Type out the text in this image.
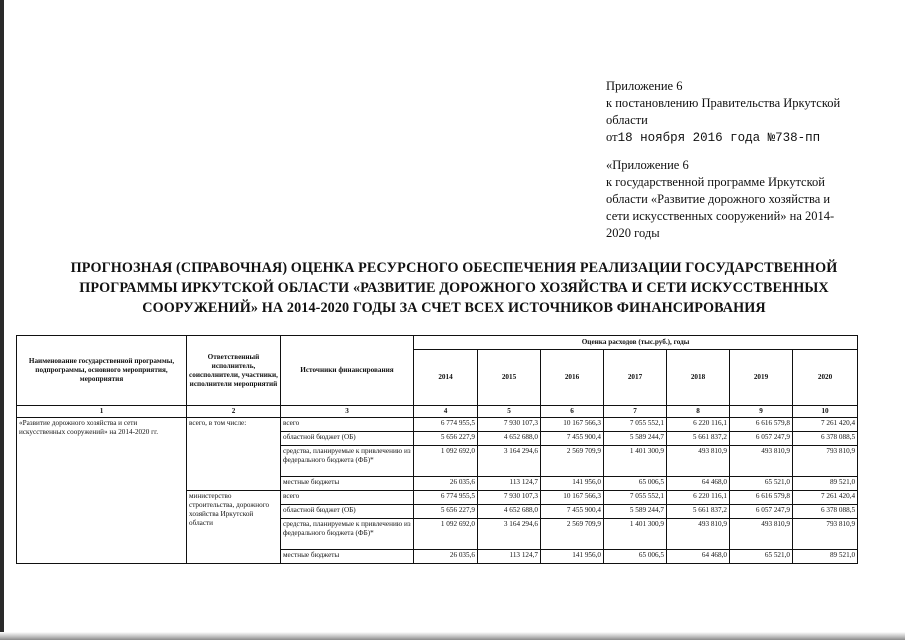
Приложение 6
к постановлению Правительства Иркутской области
от18 ноября 2016 года №738-пп
«Приложение 6
к государственной программе Иркутской области «Развитие дорожного хозяйства и сети искусственных сооружений» на 2014-2020 годы
ПРОГНОЗНАЯ (СПРАВОЧНАЯ) ОЦЕНКА РЕСУРСНОГО ОБЕСПЕЧЕНИЯ РЕАЛИЗАЦИИ ГОСУДАРСТВЕННОЙ ПРОГРАММЫ ИРКУТСКОЙ ОБЛАСТИ «РАЗВИТИЕ ДОРОЖНОГО ХОЗЯЙСТВА И СЕТИ ИСКУССТВЕННЫХ СООРУЖЕНИЙ» НА 2014-2020 ГОДЫ ЗА СЧЕТ ВСЕХ ИСТОЧНИКОВ ФИНАНСИРОВАНИЯ
Наименование государственной программы, подпрограммы, основного мероприятия, мероприятия	Ответственный исполнитель, соисполнители, участники, исполнители мероприятий	Источники финансирования	Оценка расходов (тыс.руб.), годы						
			2014	2015	2016	2017	2018	2019	2020
1	2	3	4	5	6	7	8	9	10
«Развитие дорожного хозяйства и сети искусственных сооружений» на 2014-2020 гг.	всего, в том числе:	всего	6 774 955,5	7 930 107,3	10 167 566,3	7 055 552,1	6 220 116,1	6 616 579,8	7 261 420,4
		областной бюджет (ОБ)	5 656 227,9	4 652 688,0	7 455 900,4	5 589 244,7	5 661 837,2	6 057 247,9	6 378 088,5
		средства, планируемые к привлечению из федерального бюджета (ФБ)*	1 092 692,0	3 164 294,6	2 569 709,9	1 401 300,9	493 810,9	493 810,9	793 810,9
		местные бюджеты	26 035,6	113 124,7	141 956,0	65 006,5	64 468,0	65 521,0	89 521,0
	министерство строительства, дорожного хозяйства Иркутской области	всего	6 774 955,5	7 930 107,3	10 167 566,3	7 055 552,1	6 220 116,1	6 616 579,8	7 261 420,4
		областной бюджет (ОБ)	5 656 227,9	4 652 688,0	7 455 900,4	5 589 244,7	5 661 837,2	6 057 247,9	6 378 088,5
		средства, планируемые к привлечению из федерального бюджета (ФБ)*	1 092 692,0	3 164 294,6	2 569 709,9	1 401 300,9	493 810,9	493 810,9	793 810,9
		местные бюджеты	26 035,6	113 124,7	141 956,0	65 006,5	64 468,0	65 521,0	89 521,0
